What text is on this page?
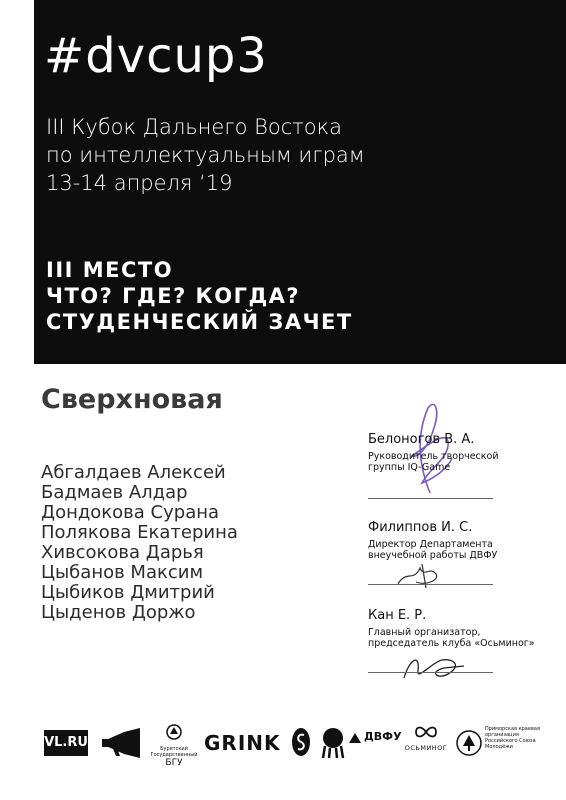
#dvcup3
III Кубок Дальнего Востока
по интеллектуальным играм
13-14 апреля ‘19
III МЕСТО
ЧТО? ГДЕ? КОГДА?
СТУДЕНЧЕСКИЙ ЗАЧЕТ
Сверхновая
Абгалдаев Алексей
Бадмаев Алдар
Дондокова Сурана
Полякова Екатерина
Хивсокова Дарья
Цыбанов Максим
Цыбиков Дмитрий
Цыденов Доржо
Белоногов В. А.
Руководитель творческой
группы IQ-Game
Филиппов И. С.
Директор Департамента
внеучебной работы ДВФУ
Кан Е. Р.
Главный организатор,
председатель клуба «Осьминог»
VL.RU	Бурятский Государственный
БГУ
GRINK	ДВФУ
ОСЬМИНОГ
Приморская краевая
организация
Российского Союза
Молодёжи
